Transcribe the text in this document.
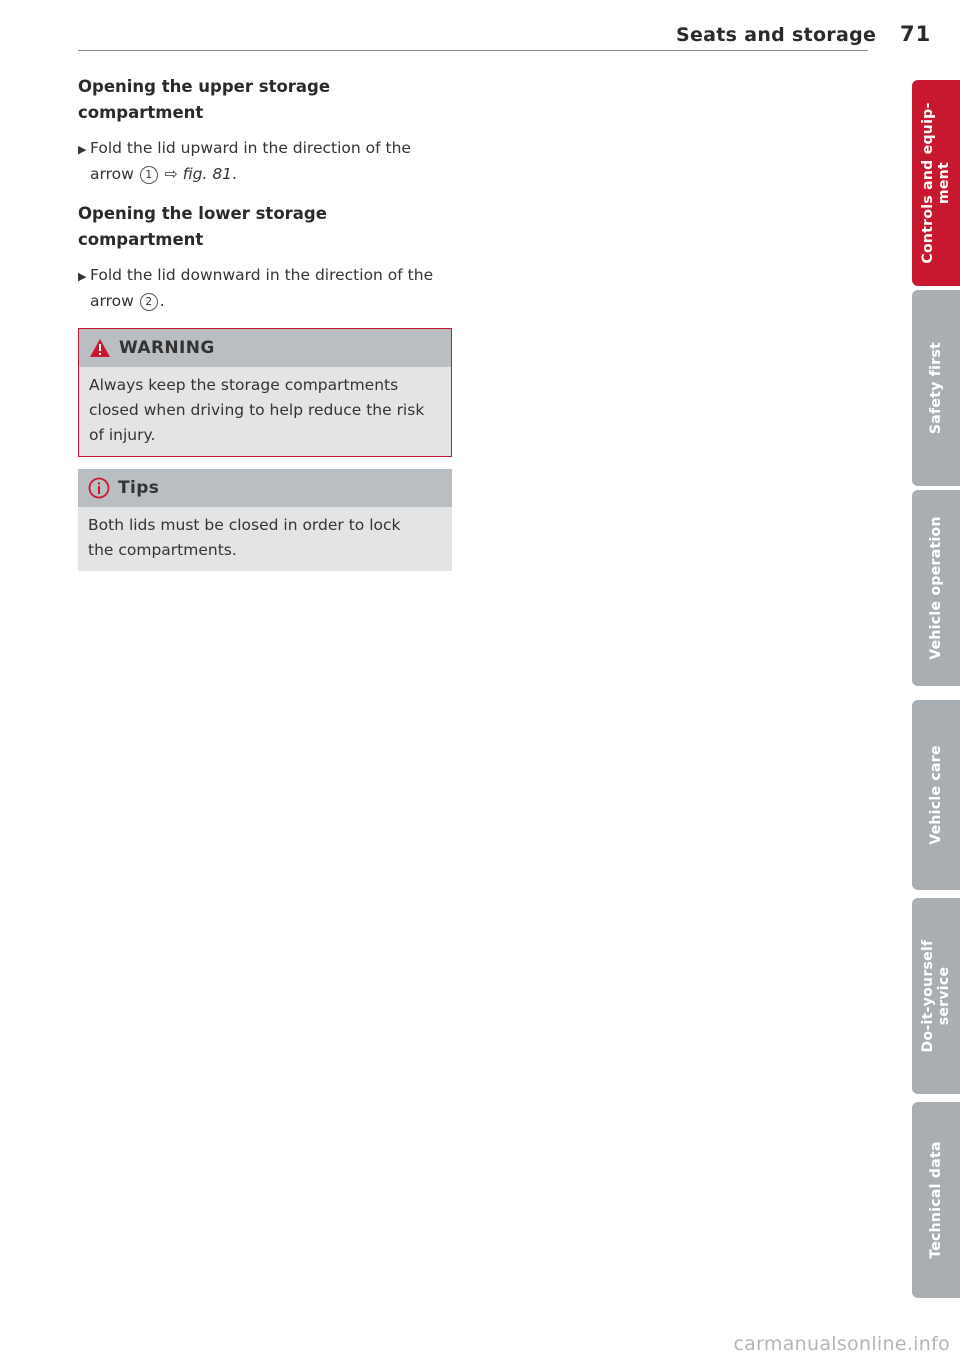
Seats and storage 71
Opening the upper storage compartment
▶ Fold the lid upward in the direction of the
arrow 1 ⇨ fig. 81.
Opening the lower storage compartment
▶ Fold the lid downward in the direction of the
arrow 2 .
WARNING
Always keep the storage compartments
closed when driving to help reduce the risk
of injury.
Tips
Both lids must be closed in order to lock
the compartments.
Controls and equip- ment
Safety first
Vehicle operation
Vehicle care
Do-it-yourself service
Technical data
carmanualsonline.info
